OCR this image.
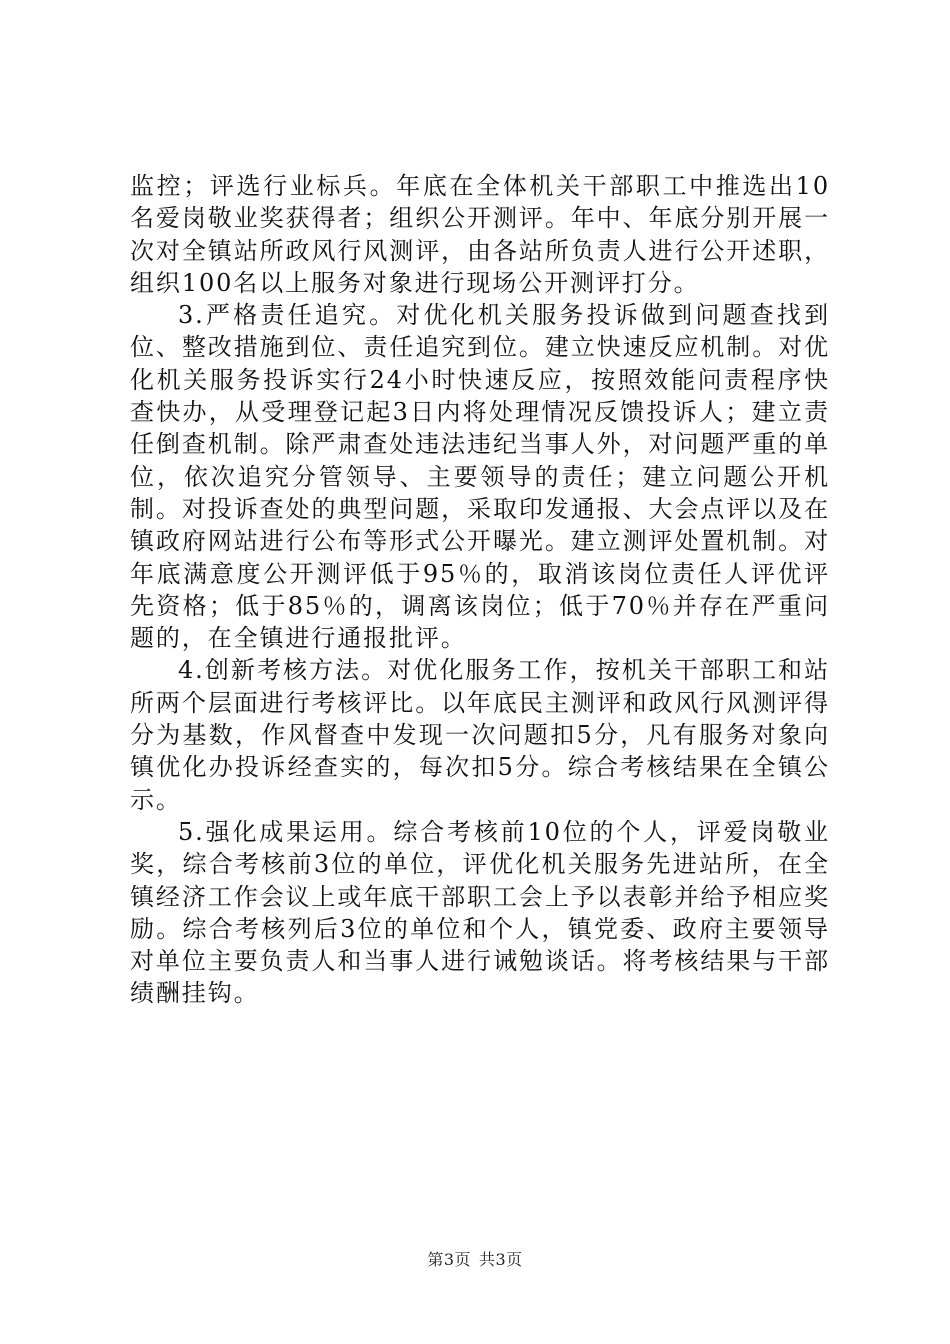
监控；评选行业标兵。年底在全体机关干部职工中推选出10名爱岗敬业奖获得者；组织公开测评。年中、年底分别开展一次对全镇站所政风行风测评，由各站所负责人进行公开述职，组织100名以上服务对象进行现场公开测评打分。

3.严格责任追究。对优化机关服务投诉做到问题查找到位、整改措施到位、责任追究到位。建立快速反应机制。对优化机关服务投诉实行24小时快速反应，按照效能问责程序快查快办，从受理登记起3日内将处理情况反馈投诉人；建立责任倒查机制。除严肃查处违法违纪当事人外，对问题严重的单位，依次追究分管领导、主要领导的责任；建立问题公开机制。对投诉查处的典型问题，采取印发通报、大会点评以及在镇政府网站进行公布等形式公开曝光。建立测评处置机制。对年底满意度公开测评低于95％的，取消该岗位责任人评优评先资格；低于85％的，调离该岗位；低于70％并存在严重问题的，在全镇进行通报批评。

4.创新考核方法。对优化服务工作，按机关干部职工和站所两个层面进行考核评比。以年底民主测评和政风行风测评得分为基数，作风督查中发现一次问题扣5分，凡有服务对象向镇优化办投诉经查实的，每次扣5分。综合考核结果在全镇公示。

5.强化成果运用。综合考核前10位的个人，评爱岗敬业奖，综合考核前3位的单位，评优化机关服务先进站所，在全镇经济工作会议上或年底干部职工会上予以表彰并给予相应奖励。综合考核列后3位的单位和个人，镇党委、政府主要领导对单位主要负责人和当事人进行诫勉谈话。将考核结果与干部绩酬挂钩。

第3页 共3页
